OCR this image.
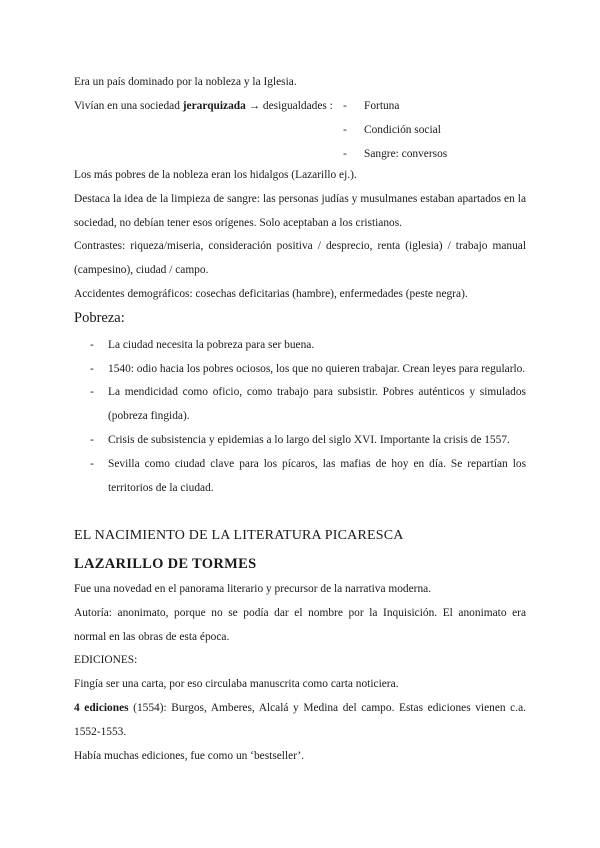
Era un país dominado por la nobleza y la Iglesia.
Vivían en una sociedad jerarquizada → desigualdades : - Fortuna
- Condición social
- Sangre: conversos
Los más pobres de la nobleza eran los hidalgos (Lazarillo ej.).
Destaca la idea de la limpieza de sangre: las personas judías y musulmanes estaban apartados en la
sociedad, no debían tener esos orígenes. Solo aceptaban a los cristianos.
Contrastes: riqueza/miseria, consideración positiva / desprecio, renta (iglesia) / trabajo manual
(campesino), ciudad / campo.
Accidentes demográficos: cosechas deficitarias (hambre), enfermedades (peste negra).
Pobreza:
- La ciudad necesita la pobreza para ser buena.
- 1540: odio hacia los pobres ociosos, los que no quieren trabajar. Crean leyes para regularlo.
- La mendicidad como oficio, como trabajo para subsistir. Pobres auténticos y simulados
(pobreza fingida).
- Crisis de subsistencia y epidemias a lo largo del siglo XVI. Importante la crisis de 1557.
- Sevilla como ciudad clave para los pícaros, las mafias de hoy en día. Se repartían los
territorios de la ciudad.
EL NACIMIENTO DE LA LITERATURA PICARESCA
LAZARILLO DE TORMES
Fue una novedad en el panorama literario y precursor de la narrativa moderna.
Autoría: anonimato, porque no se podía dar el nombre por la Inquisición. El anonimato era
normal en las obras de esta época.
EDICIONES:
Fingía ser una carta, por eso circulaba manuscrita como carta noticiera.
4 ediciones (1554): Burgos, Amberes, Alcalá y Medina del campo. Estas ediciones vienen c.a.
1552-1553.
Había muchas ediciones, fue como un ‘bestseller’.
